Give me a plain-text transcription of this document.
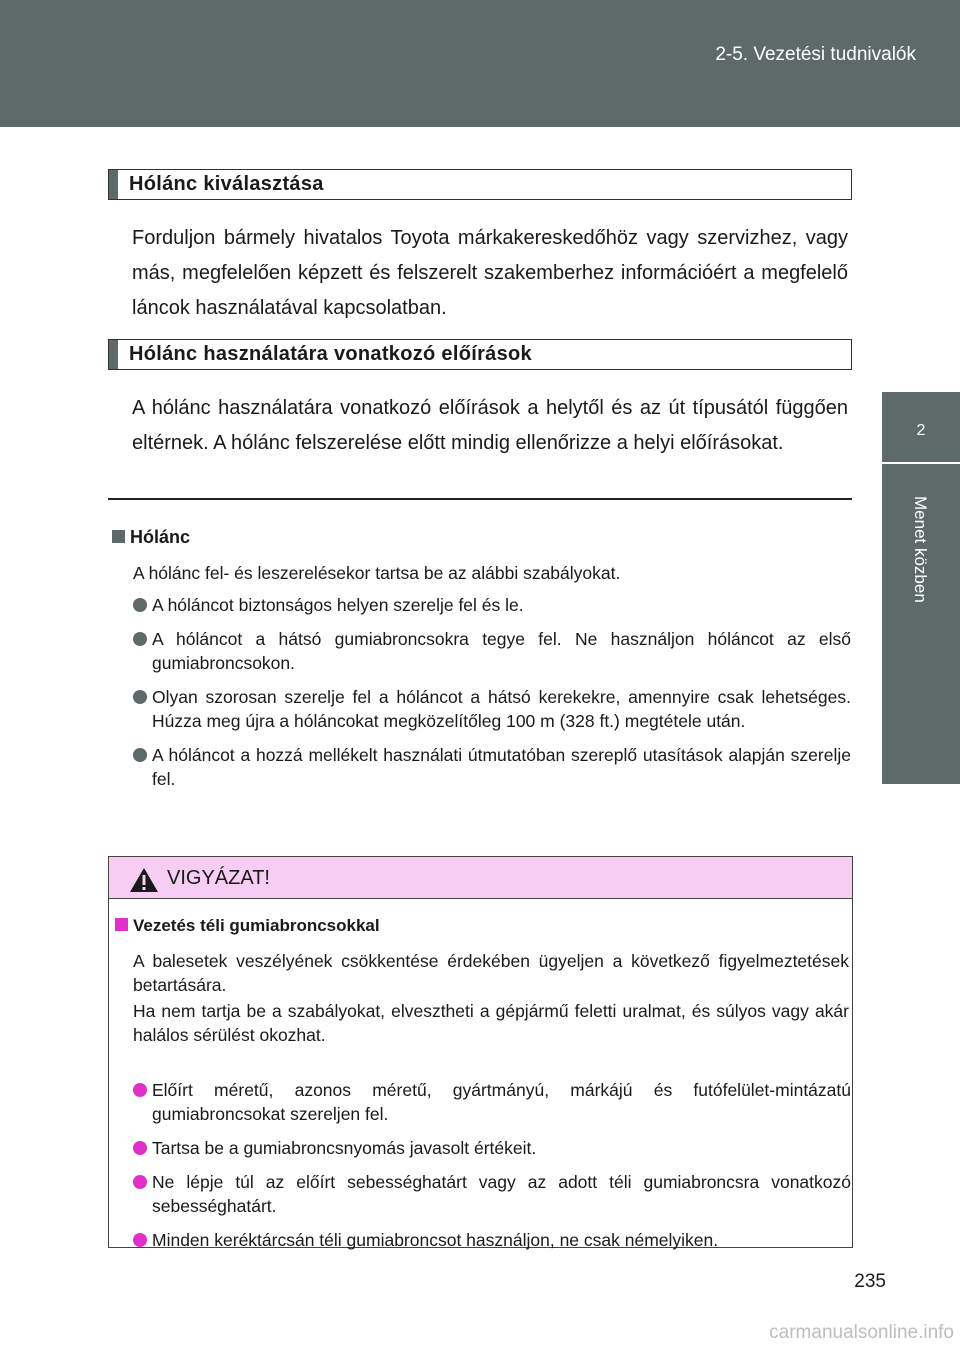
2-5. Vezetési tudnivalók
2
Menet közben
Hólánc kiválasztása

Forduljon bármely hivatalos Toyota márkakereskedőhöz vagy szervizhez, vagy más, megfelelően képzett és felszerelt szakemberhez információért a megfelelő láncok használatával kapcsolatban.

Hólánc használatára vonatkozó előírások

A hólánc használatára vonatkozó előírások a helytől és az út típusától függően eltérnek. A hólánc felszerelése előtt mindig ellenőrizze a helyi előírásokat.

Hólánc

A hólánc fel- és leszerelésekor tartsa be az alábbi szabályokat.

A hóláncot biztonságos helyen szerelje fel és le.
A hóláncot a hátsó gumiabroncsokra tegye fel. Ne használjon hóláncot az első gumiabroncsokon.
Olyan szorosan szerelje fel a hóláncot a hátsó kerekekre, amennyire csak lehetséges. Húzza meg újra a hóláncokat megközelítőleg 100 m (328 ft.) megtétele után.
A hóláncot a hozzá mellékelt használati útmutatóban szereplő utasítások alapján szerelje fel.
VIGYÁZAT!
Vezetés téli gumiabroncsokkal

A balesetek veszélyének csökkentése érdekében ügyeljen a következő figyelmeztetések betartására.

Ha nem tartja be a szabályokat, elvesztheti a gépjármű feletti uralmat, és súlyos vagy akár halálos sérülést okozhat.

Előírt méretű, azonos méretű, gyártmányú, márkájú és futófelület-mintázatú gumiabroncsokat szereljen fel.
Tartsa be a gumiabroncsnyomás javasolt értékeit.
Ne lépje túl az előírt sebességhatárt vagy az adott téli gumiabroncsra vonatkozó sebességhatárt.
Minden keréktárcsán téli gumiabroncsot használjon, ne csak némelyiken.
235
carmanualsonline.info
